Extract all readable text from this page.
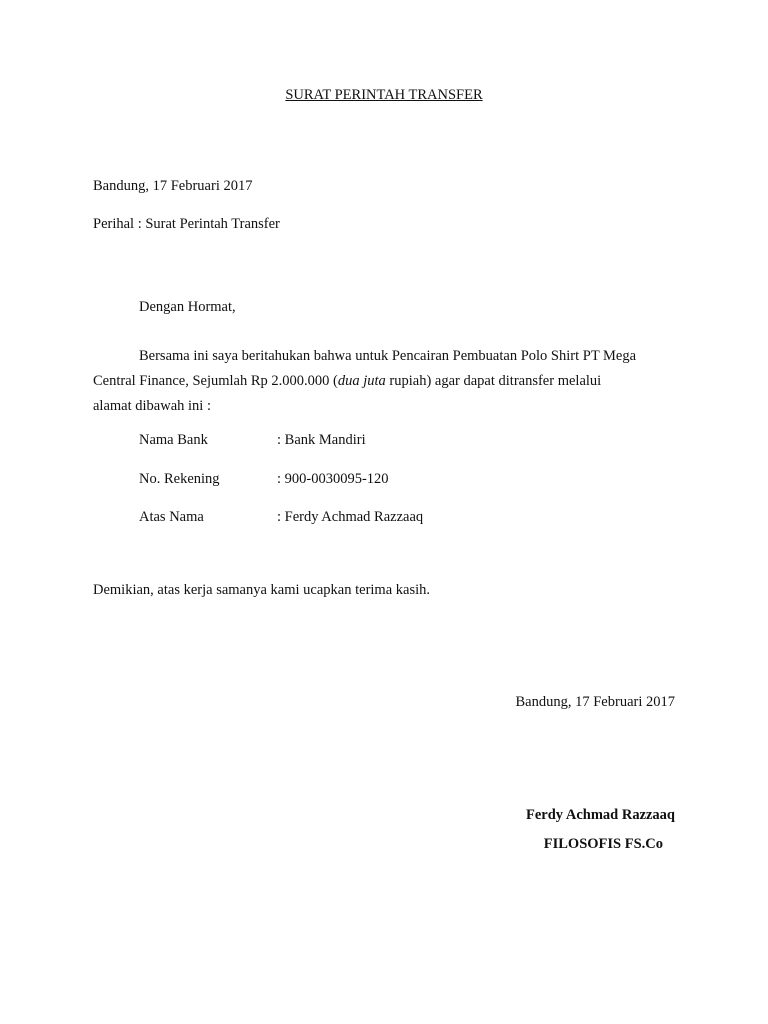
SURAT PERINTAH TRANSFER
Bandung, 17 Februari 2017
Perihal : Surat Perintah Transfer
Dengan Hormat,
Bersama ini saya beritahukan bahwa untuk Pencairan Pembuatan Polo Shirt PT Mega
Central Finance, Sejumlah Rp 2.000.000 (dua juta rupiah) agar dapat ditransfer melalui
alamat dibawah ini :
Nama Bank	: Bank Mandiri
No. Rekening	: 900-0030095-120
Atas Nama	: Ferdy Achmad Razzaaq
Demikian, atas kerja samanya kami ucapkan terima kasih.
Bandung, 17 Februari 2017
Ferdy Achmad Razzaaq
FILOSOFIS FS.Co
